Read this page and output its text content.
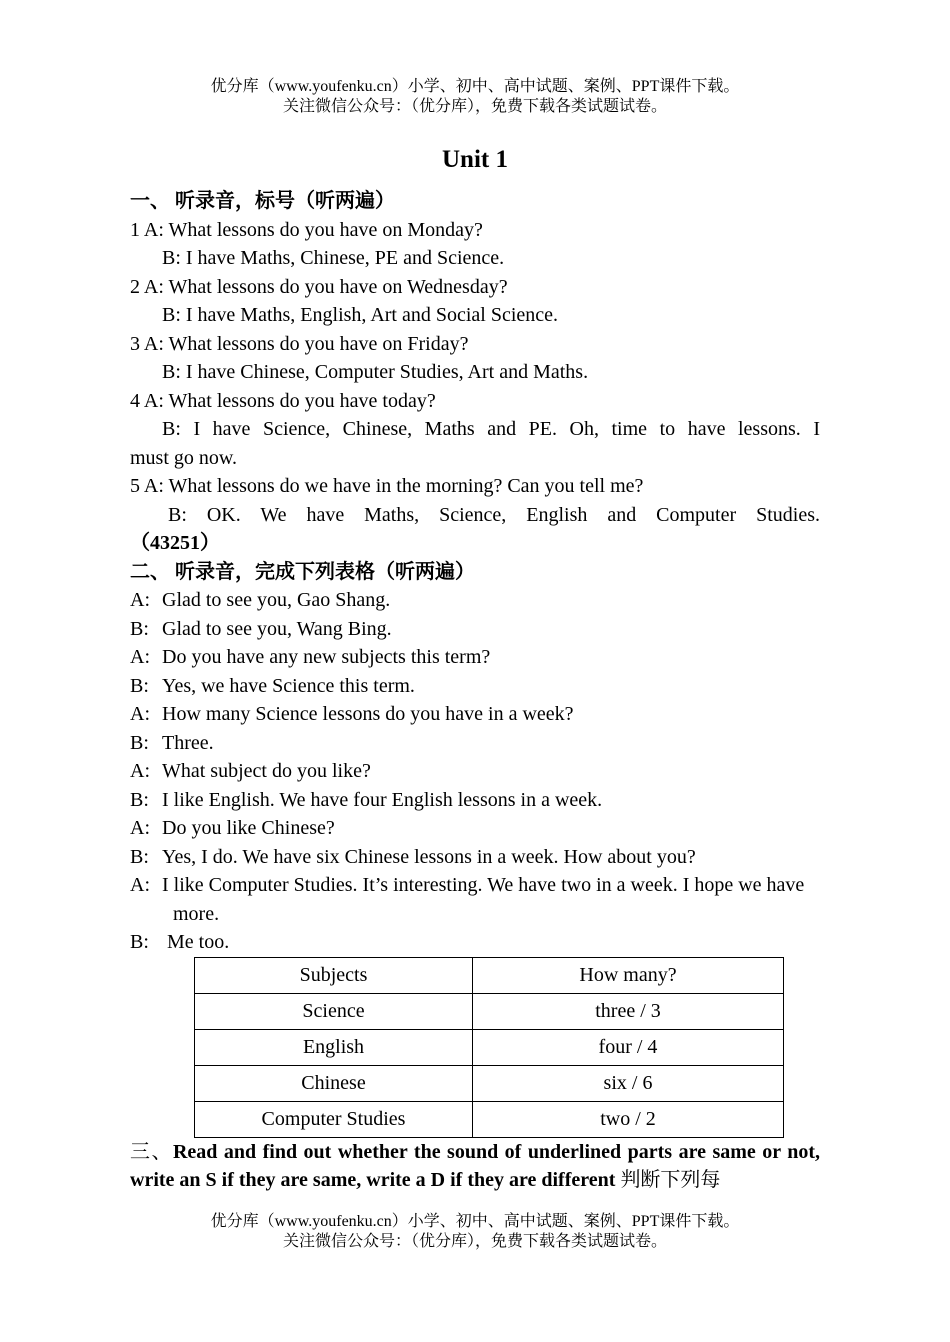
优分库（www.youfenku.cn）小学、初中、高中试题、案例、PPT课件下载。
关注微信公众号：（优分库），免费下载各类试题试卷。
Unit 1
一、 听录音，标号（听两遍）
1 A: What lessons do you have on Monday?
B: I have Maths, Chinese, PE and Science.
2 A: What lessons do you have on Wednesday?
B: I have Maths, English, Art and Social Science.
3 A: What lessons do you have on Friday?
B: I have Chinese, Computer Studies, Art and Maths.
4 A: What lessons do you have today?
B: I have Science, Chinese, Maths and PE. Oh, time to have lessons. I
must go now.
5 A: What lessons do we have in the morning? Can you tell me?
B: OK. We have Maths, Science, English and Computer Studies.
（43251）
二、 听录音，完成下列表格（听两遍）
A: Glad to see you, Gao Shang.
B: Glad to see you, Wang Bing.
A: Do you have any new subjects this term?
B: Yes, we have Science this term.
A: How many Science lessons do you have in a week?
B: Three.
A: What subject do you like?
B: I like English. We have four English lessons in a week.
A: Do you like Chinese?
B: Yes, I do. We have six Chinese lessons in a week. How about you?
A: I like Computer Studies. It’s interesting. We have two in a week. I hope we have more.
B: Me too.
Subjects	How many?
Science	three / 3
English	four / 4
Chinese	six / 6
Computer Studies	two / 2
三、Read and find out whether the sound of underlined parts are same or not, write an S if they are same, write a D if they are different 判断下列每
优分库（www.youfenku.cn）小学、初中、高中试题、案例、PPT课件下载。
关注微信公众号：（优分库），免费下载各类试题试卷。
